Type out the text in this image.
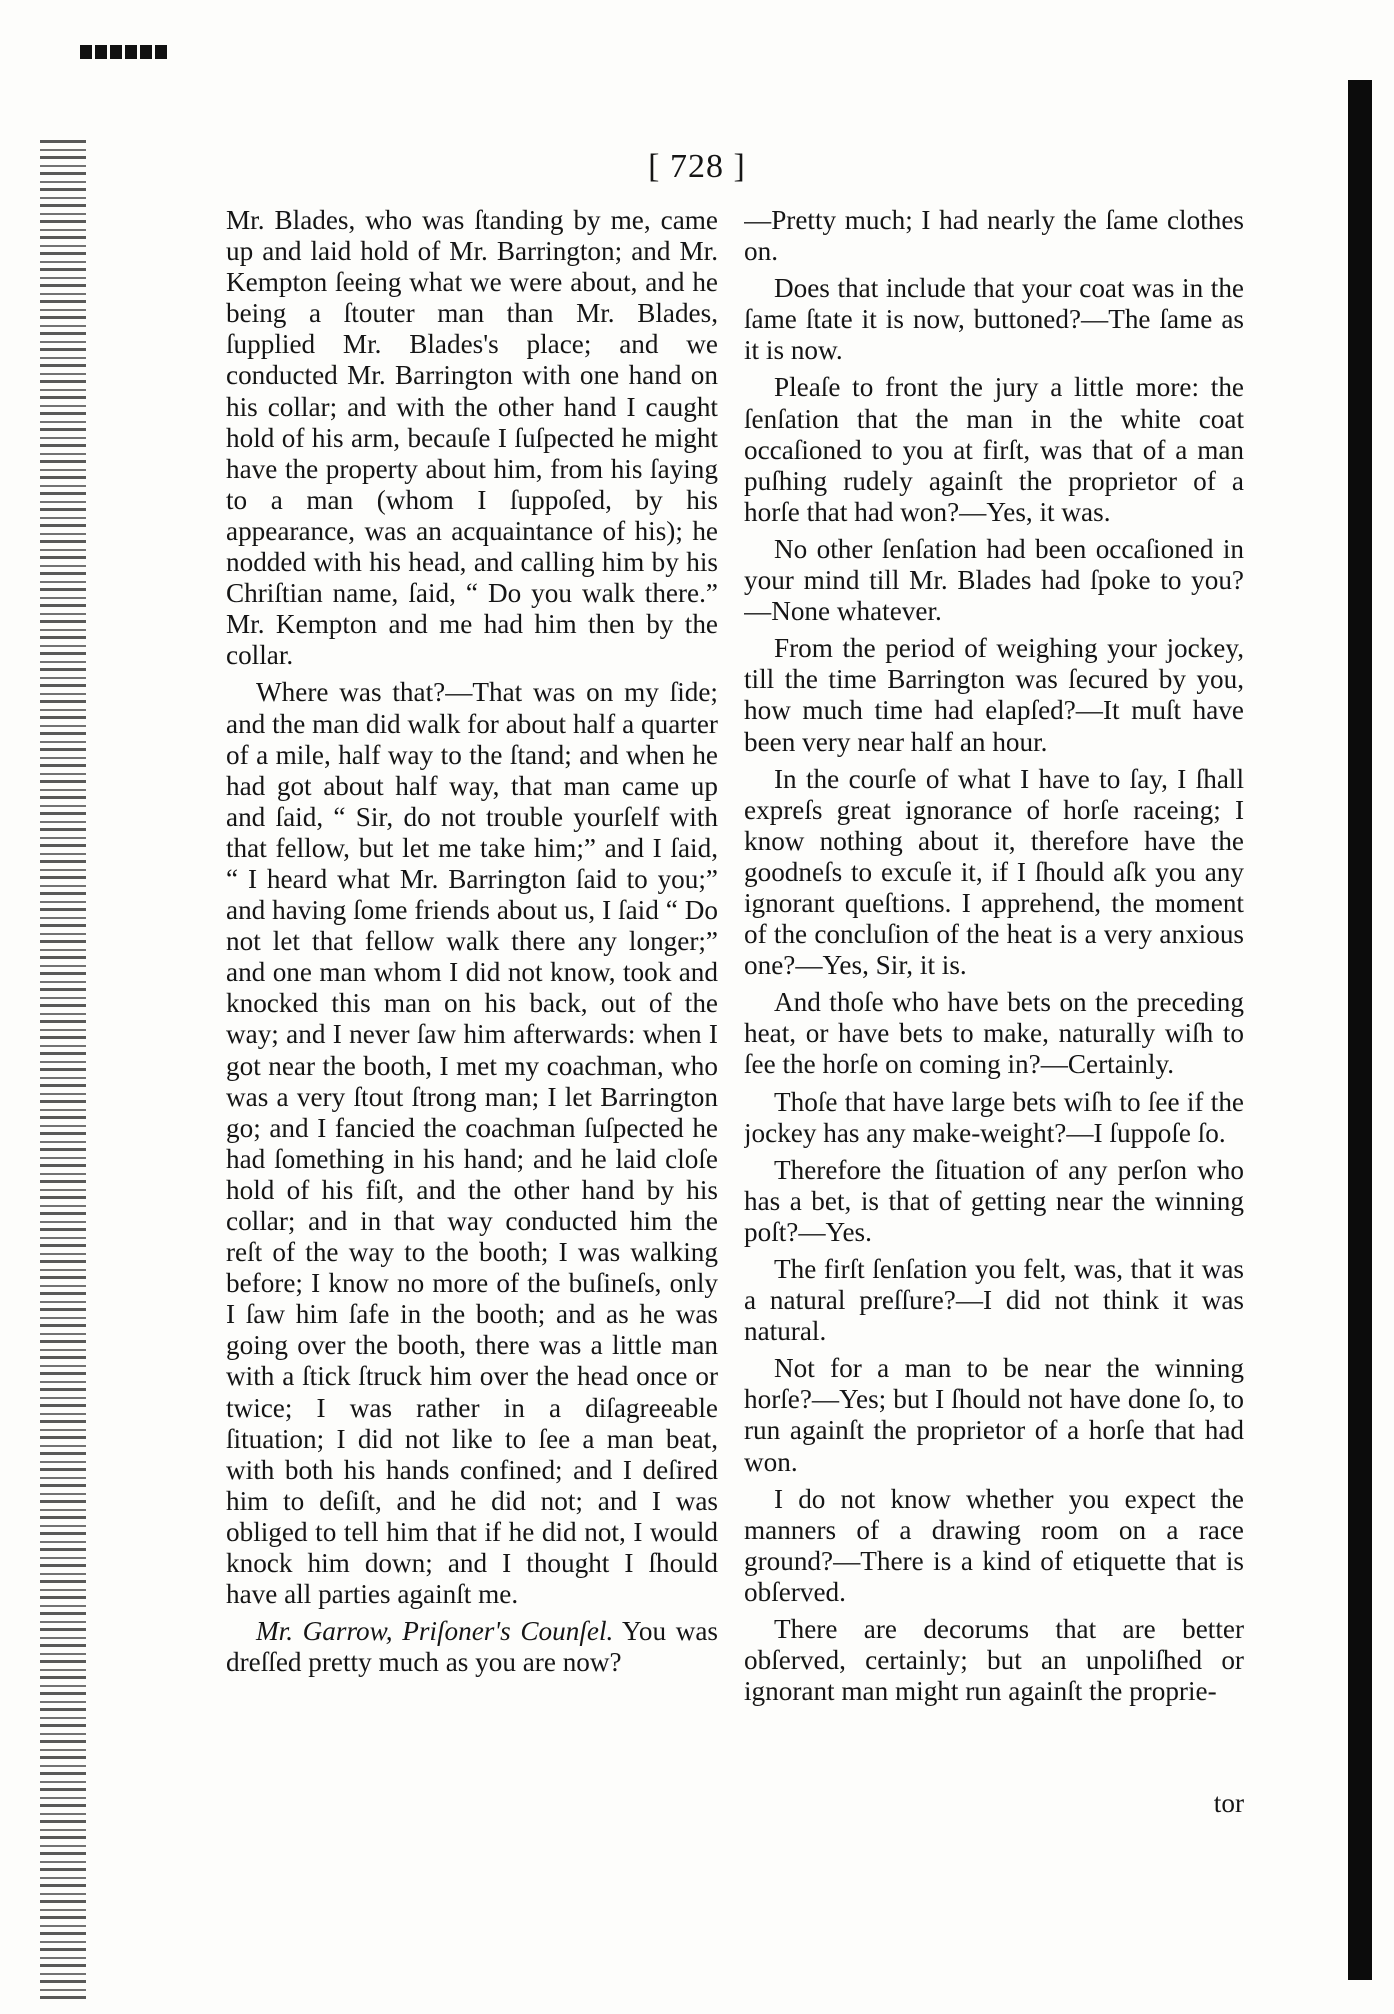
[ 728 ]

Mr. Blades, who was ſtanding by me, came up and laid hold of Mr. Barrington; and Mr. Kempton ſeeing what we were about, and he being a ſtouter man than Mr. Blades, ſupplied Mr. Blades's place; and we conducted Mr. Barrington with one hand on his collar; and with the other hand I caught hold of his arm, becauſe I ſuſpected he might have the property about him, from his ſaying to a man (whom I ſuppoſed, by his appearance, was an acquaintance of his); he nodded with his head, and calling him by his Chriſtian name, ſaid, “ Do you walk there.” Mr. Kempton and me had him then by the collar.

Where was that?—That was on my ſide; and the man did walk for about half a quarter of a mile, half way to the ſtand; and when he had got about half way, that man came up and ſaid, “ Sir, do not trouble yourſelf with that fellow, but let me take him;” and I ſaid, “ I heard what Mr. Barrington ſaid to you;” and having ſome friends about us, I ſaid “ Do not let that fellow walk there any longer;” and one man whom I did not know, took and knocked this man on his back, out of the way; and I never ſaw him afterwards: when I got near the booth, I met my coachman, who was a very ſtout ſtrong man; I let Barrington go; and I fancied the coachman ſuſpected he had ſomething in his hand; and he laid cloſe hold of his fiſt, and the other hand by his collar; and in that way conducted him the reſt of the way to the booth; I was walking before; I know no more of the buſineſs, only I ſaw him ſafe in the booth; and as he was going over the booth, there was a little man with a ſtick ſtruck him over the head once or twice; I was rather in a diſagreeable ſituation; I did not like to ſee a man beat, with both his hands confined; and I deſired him to deſiſt, and he did not; and I was obliged to tell him that if he did not, I would knock him down; and I thought I ſhould have all parties againſt me.

Mr. Garrow, Priſoner's Counſel. You was dreſſed pretty much as you are now?

—Pretty much; I had nearly the ſame clothes on.

Does that include that your coat was in the ſame ſtate it is now, buttoned?—The ſame as it is now.

Pleaſe to front the jury a little more: the ſenſation that the man in the white coat occaſioned to you at firſt, was that of a man puſhing rudely againſt the proprietor of a horſe that had won?—Yes, it was.

No other ſenſation had been occaſioned in your mind till Mr. Blades had ſpoke to you?—None whatever.

From the period of weighing your jockey, till the time Barrington was ſecured by you, how much time had elapſed?—It muſt have been very near half an hour.

In the courſe of what I have to ſay, I ſhall expreſs great ignorance of horſe raceing; I know nothing about it, therefore have the goodneſs to excuſe it, if I ſhould aſk you any ignorant queſtions. I apprehend, the moment of the concluſion of the heat is a very anxious one?—Yes, Sir, it is.

And thoſe who have bets on the preceding heat, or have bets to make, naturally wiſh to ſee the horſe on coming in?—Certainly.

Thoſe that have large bets wiſh to ſee if the jockey has any make-weight?—I ſuppoſe ſo.

Therefore the ſituation of any perſon who has a bet, is that of getting near the winning poſt?—Yes.

The firſt ſenſation you felt, was, that it was a natural preſſure?—I did not think it was natural.

Not for a man to be near the winning horſe?—Yes; but I ſhould not have done ſo, to run againſt the proprietor of a horſe that had won.

I do not know whether you expect the manners of a drawing room on a race ground?—There is a kind of etiquette that is obſerved.

There are decorums that are better obſerved, certainly; but an unpoliſhed or ignorant man might run againſt the proprie-

tor
